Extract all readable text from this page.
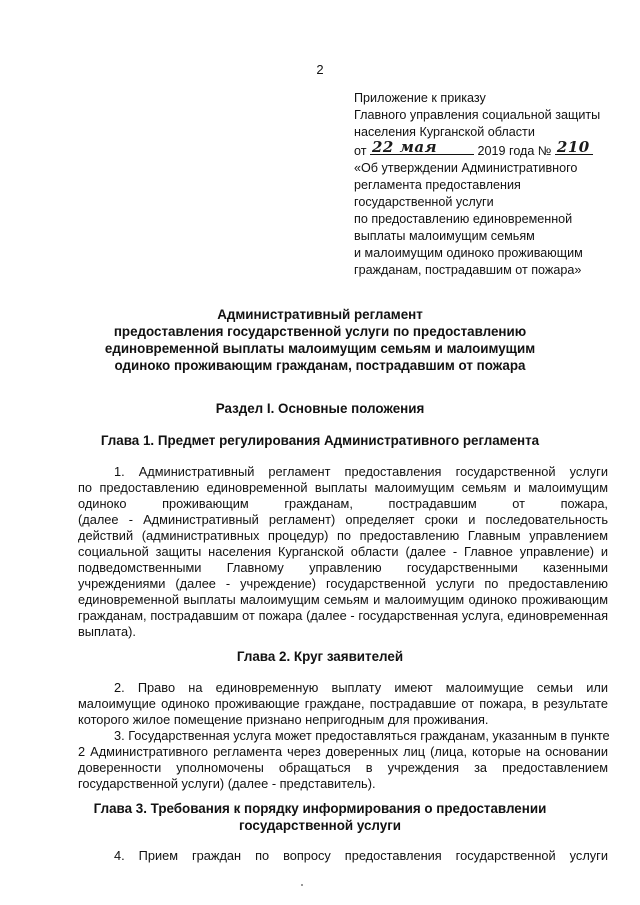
2
Приложение к приказу
Главного управления социальной защиты
населения Курганской области
от 22 мая	2019 года № 210
«Об утверждении Административного
регламента предоставления
государственной услуги
по предоставлению единовременной
выплаты малоимущим семьям
и малоимущим одиноко проживающим
гражданам, пострадавшим от пожара»
Административный регламент
предоставления государственной услуги по предоставлению
единовременной выплаты малоимущим семьям и малоимущим
одиноко проживающим гражданам, пострадавшим от пожара
Раздел I. Основные положения
Глава 1. Предмет регулирования Административного регламента
1. Административный регламент предоставления государственной услуги
по предоставлению единовременной выплаты малоимущим семьям и малоимущим
одиноко проживающим гражданам, пострадавшим от пожара,
(далее - Административный регламент) определяет сроки и последовательность
действий (административных процедур) по предоставлению Главным управлением
социальной защиты населения Курганской области (далее - Главное управление) и
подведомственными Главному управлению государственными казенными
учреждениями (далее - учреждение) государственной услуги по предоставлению
единовременной выплаты малоимущим семьям и малоимущим одиноко проживающим
гражданам, пострадавшим от пожара (далее - государственная услуга, единовременная
выплата).
Глава 2. Круг заявителей
2. Право на единовременную выплату имеют малоимущие семьи или
малоимущие одиноко проживающие граждане, пострадавшие от пожара, в результате
которого жилое помещение признано непригодным для проживания.
3. Государственная услуга может предоставляться гражданам, указанным в пункте
2 Административного регламента через доверенных лиц (лица, которые на основании
доверенности уполномочены обращаться в учреждения за предоставлением
государственной услуги) (далее - представитель).
Глава 3. Требования к порядку информирования о предоставлении
государственной услуги
4. Прием граждан по вопросу предоставления государственной услуги
